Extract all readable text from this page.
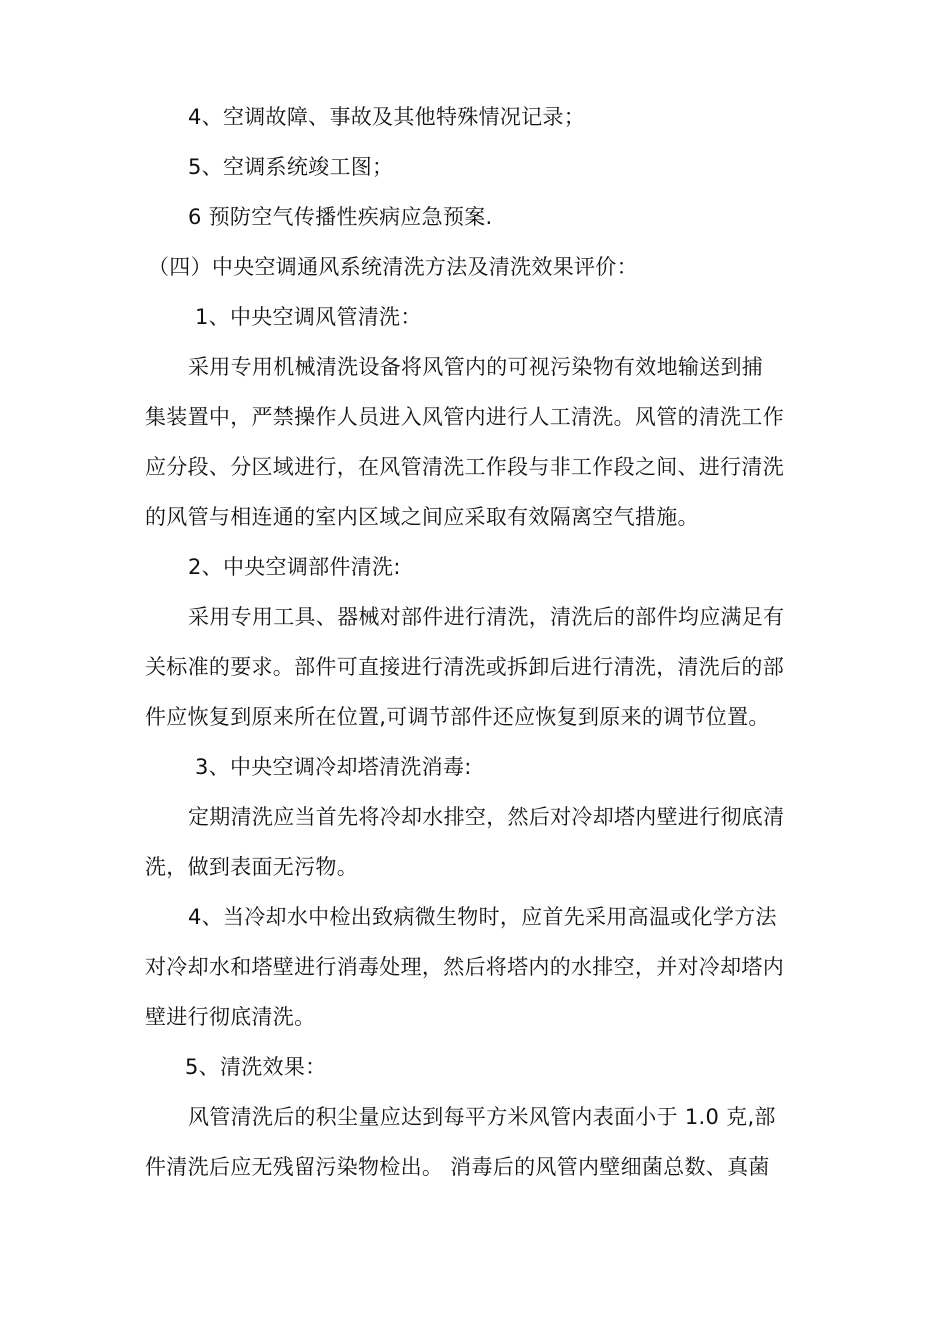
4、空调故障、事故及其他特殊情况记录；
5、空调系统竣工图；
6 预防空气传播性疾病应急预案.
（四）中央空调通风系统清洗方法及清洗效果评价：
1、中央空调风管清洗：
采用专用机械清洗设备将风管内的可视污染物有效地输送到捕
集装置中，严禁操作人员进入风管内进行人工清洗。风管的清洗工作
应分段、分区域进行，在风管清洗工作段与非工作段之间、进行清洗
的风管与相连通的室内区域之间应采取有效隔离空气措施。
2、中央空调部件清洗:
采用专用工具、器械对部件进行清洗，清洗后的部件均应满足有
关标准的要求。部件可直接进行清洗或拆卸后进行清洗，清洗后的部
件应恢复到原来所在位置,可调节部件还应恢复到原来的调节位置。
3、中央空调冷却塔清洗消毒:
定期清洗应当首先将冷却水排空，然后对冷却塔内壁进行彻底清
洗，做到表面无污物。
4、当冷却水中检出致病微生物时，应首先采用高温或化学方法
对冷却水和塔壁进行消毒处理，然后将塔内的水排空，并对冷却塔内
壁进行彻底清洗。
5、清洗效果：
风管清洗后的积尘量应达到每平方米风管内表面小于 1.0 克,部
件清洗后应无残留污染物检出。 消毒后的风管内壁细菌总数、真菌
